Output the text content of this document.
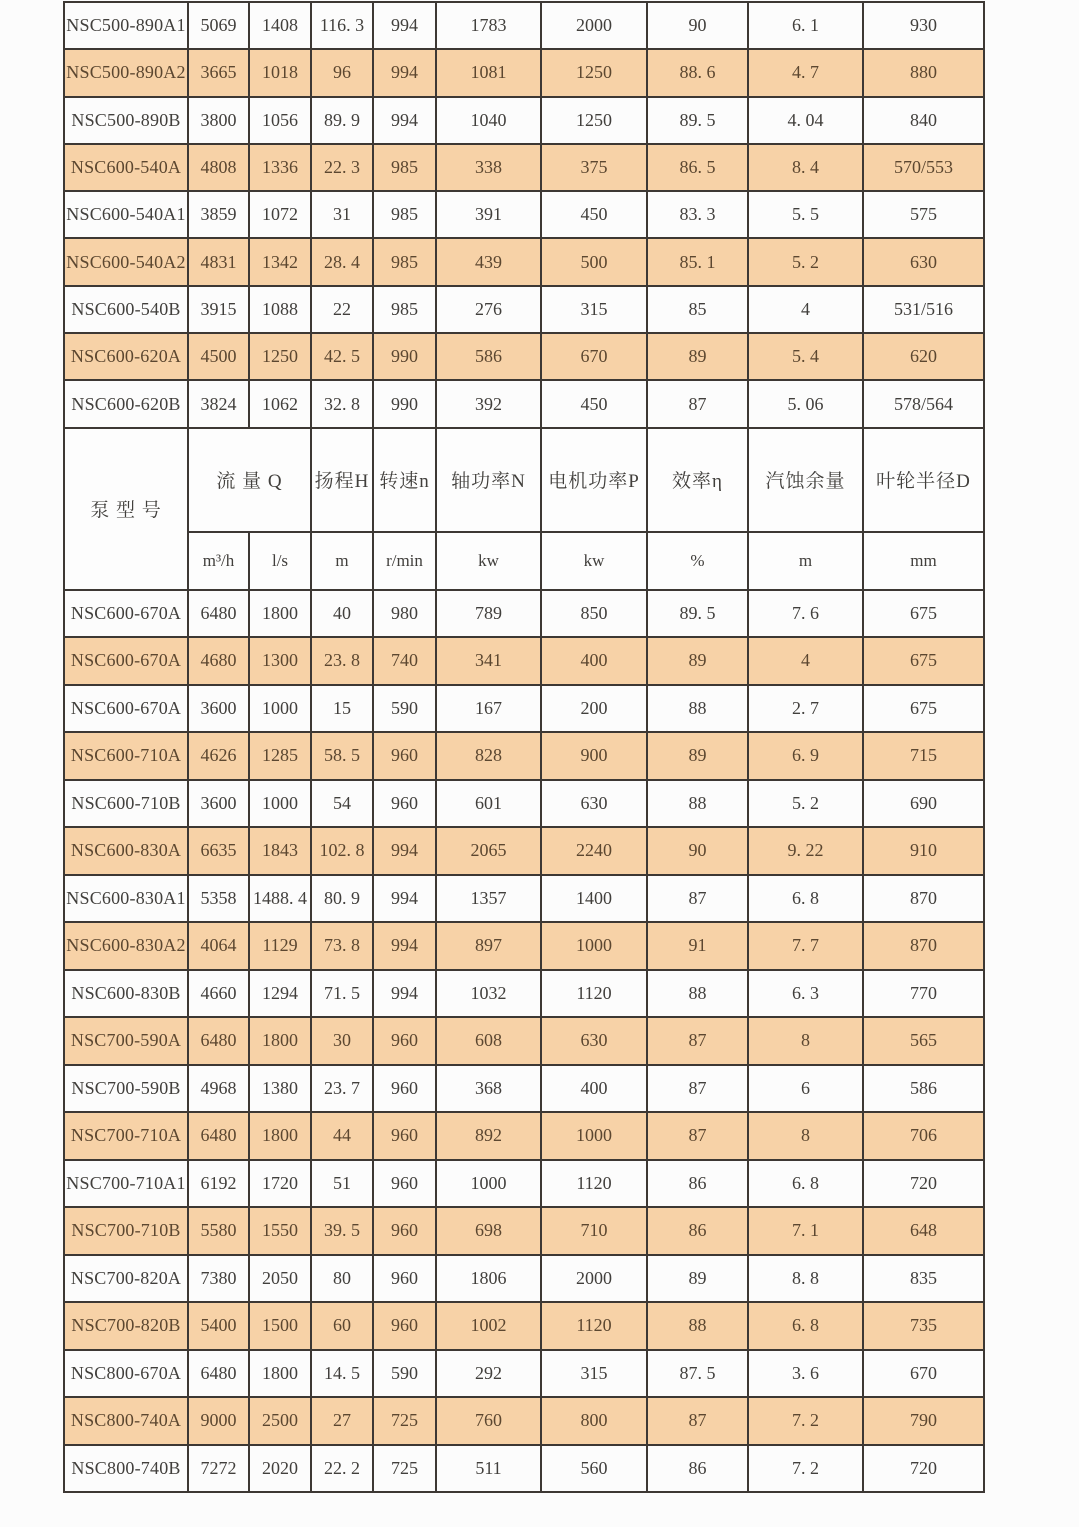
NSC500-890A1	5069	1408	116. 3	994	1783	2000	90	6. 1	930
NSC500-890A2	3665	1018	96	994	1081	1250	88. 6	4. 7	880
NSC500-890B	3800	1056	89. 9	994	1040	1250	89. 5	4. 04	840
NSC600-540A	4808	1336	22. 3	985	338	375	86. 5	8. 4	570/553
NSC600-540A1	3859	1072	31	985	391	450	83. 3	5. 5	575
NSC600-540A2	4831	1342	28. 4	985	439	500	85. 1	5. 2	630
NSC600-540B	3915	1088	22	985	276	315	85	4	531/516
NSC600-620A	4500	1250	42. 5	990	586	670	89	5. 4	620
NSC600-620B	3824	1062	32. 8	990	392	450	87	5. 06	578/564
泵 型 号	流 量 Q		扬程H	转速n	轴功率N	电机功率P	效率η	汽蚀余量	叶轮半径D
	m³/h	l/s	m	r/min	kw	kw	%	m	mm
NSC600-670A	6480	1800	40	980	789	850	89. 5	7. 6	675
NSC600-670A	4680	1300	23. 8	740	341	400	89	4	675
NSC600-670A	3600	1000	15	590	167	200	88	2. 7	675
NSC600-710A	4626	1285	58. 5	960	828	900	89	6. 9	715
NSC600-710B	3600	1000	54	960	601	630	88	5. 2	690
NSC600-830A	6635	1843	102. 8	994	2065	2240	90	9. 22	910
NSC600-830A1	5358	1488. 4	80. 9	994	1357	1400	87	6. 8	870
NSC600-830A2	4064	1129	73. 8	994	897	1000	91	7. 7	870
NSC600-830B	4660	1294	71. 5	994	1032	1120	88	6. 3	770
NSC700-590A	6480	1800	30	960	608	630	87	8	565
NSC700-590B	4968	1380	23. 7	960	368	400	87	6	586
NSC700-710A	6480	1800	44	960	892	1000	87	8	706
NSC700-710A1	6192	1720	51	960	1000	1120	86	6. 8	720
NSC700-710B	5580	1550	39. 5	960	698	710	86	7. 1	648
NSC700-820A	7380	2050	80	960	1806	2000	89	8. 8	835
NSC700-820B	5400	1500	60	960	1002	1120	88	6. 8	735
NSC800-670A	6480	1800	14. 5	590	292	315	87. 5	3. 6	670
NSC800-740A	9000	2500	27	725	760	800	87	7. 2	790
NSC800-740B	7272	2020	22. 2	725	511	560	86	7. 2	720
